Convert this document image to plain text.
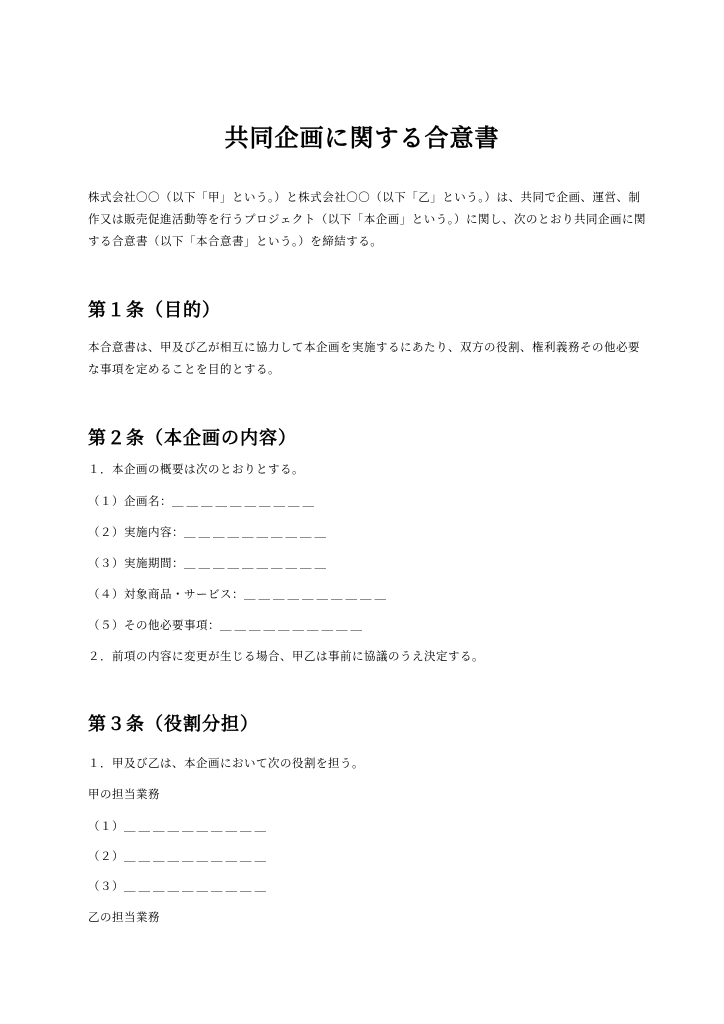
共同企画に関する合意書

株式会社〇〇（以下「甲」という。）と株式会社〇〇（以下「乙」という。）は、共同で企画、運営、制作又は販売促進活動等を行うプロジェクト（以下「本企画」という。）に関し、次のとおり共同企画に関する合意書（以下「本合意書」という。）を締結する。

第１条（目的）

本合意書は、甲及び乙が相互に協力して本企画を実施するにあたり、双方の役割、権利義務その他必要な事項を定めることを目的とする。

第２条（本企画の内容）

１．本企画の概要は次のとおりとする。

（１）企画名：＿＿＿＿＿＿＿＿＿＿

（２）実施内容：＿＿＿＿＿＿＿＿＿＿

（３）実施期間：＿＿＿＿＿＿＿＿＿＿

（４）対象商品・サービス：＿＿＿＿＿＿＿＿＿＿

（５）その他必要事項：＿＿＿＿＿＿＿＿＿＿

２．前項の内容に変更が生じる場合、甲乙は事前に協議のうえ決定する。

第３条（役割分担）

１．甲及び乙は、本企画において次の役割を担う。

甲の担当業務

（１）＿＿＿＿＿＿＿＿＿＿

（２）＿＿＿＿＿＿＿＿＿＿

（３）＿＿＿＿＿＿＿＿＿＿

乙の担当業務
